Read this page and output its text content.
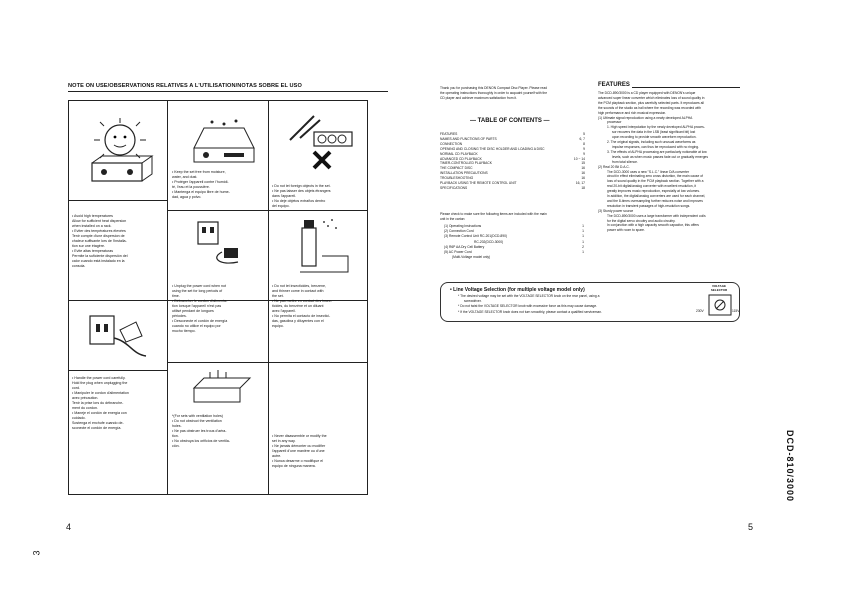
NOTE ON USE/OBSERVATIONS RELATIVES A L'UTILISATION/NOTAS SOBRE EL USO
• Avoid high temperatures
Allow for sufficient heat dispersion
when installed on a rack.
• Eviter des températures élevées
Tenir compte d'une dispersion de
chaleur suffisante lors de l'installa-
tion sur une étagère.
• Evite altas temperaturas
Permite la suficiente dispersión del
calor cuando está instalado en la
consola.
• Keep the set free from moisture,
water, and dust.
• Protéger l'appareil contre l'humidi-
té, l'eau et la poussière.
• Mantenga el equipo libre de hume-
dad, agua y polvo.
• Do not let foreign objects in the set.
• Ne pas laisser des objets étrangers
dans l'appareil.
• No deje objetos extraños dentro
del equipo.
• Unplug the power cord when not
using the set for long periods of
time.
• Débrancher le cordon d'alimenta-
tion lorsque l'appareil n'est pas
utilisé pendant de longues
périodes.
• Desconecte el cordón de energía
cuando no utilice el equipo por
mucho tiempo.
• Do not let insecticides, benzene,
and thinner come in contact with
the set.
• Ne pas mettre en contact des insec-
ticides, du benzène et un diluant
avec l'appareil.
• No permita el contacto de insectici-
das, gasolina y diluyentes con el
equipo.
• Handle the power cord carefully.
Hold the plug when unplugging the
cord.
• Manipuler le cordon d'alimentation
avec précaution.
Tenir la prise lors du débranche-
ment du cordon.
• Maneje el cordón de energía con
cuidado.
Sostenga el enchufe cuando de-
sconecte el cordón de energía.
*(For sets with ventilation holes)
• Do not obstruct the ventilation
holes.
• Ne pas obstruer les trous d'aéra-
tion.
• No obstruya los orificios de ventila-
ción.
• Never disassemble or modify the
set in any way.
• Ne jamais démonter ou modifier
l'appareil d'une manière ou d'une
autre.
• Nunca desarme o modifique el
equipo de ninguna manera.
4
3
Thank you for purchasing this DENON Compact Disc Player. Please read
the operating instructions thoroughly in order to acquaint yourself with the
CD player and achieve maximum satisfaction from it.
— TABLE OF CONTENTS —
FEATURES	5
NAMES AND FUNCTIONS OF PARTS	6, 7
CONNECTION	8
OPENING AND CLOSING THE DISC HOLDER AND LOADING A DISC	9
NORMAL CD PLAYBACK	9
ADVANCED CD PLAYBACK	10 ~ 14
TIMER-CONTROLLED PLAYBACK	15
THE COMPACT DISC	16
INSTALLATION PRECAUTIONS	16
TROUBLESHOOTING	16
PLAYBACK USING THE REMOTE CONTROL UNIT	16, 17
SPECIFICATIONS	18
Please check to make sure the following items are included with the main
unit in the carton:
(1) Operating Instructions	1
(2) Connection Cord	1
(3) Remote Control Unit RC-201(DCD-890)	1
RC-202(DCD-3000)	1
(4) R6P AA Dry Cell Battery	2
(5) AC Power Cord	1
(Multi-Voltage model only)
FEATURES

The DCD-890/3000 is a CD player equipped with DENON's unique

advanced super linear converter which eliminates loss of sound quality in

the PCM playback section, plus carefully selected parts. It reproduces all

the sounds of the studio as hall where the recording was recorded with

high performance and rich musical expression.

(1) Ultimate signal reproduction using a newly developed ALPHA

processor

1. High speed interpolation by the newly developed ALPHA proces-

sor recovers the data in the LSB (least significant bit) lost

upon recording to provide smooth waveform reproduction.

2. The original signals, including such unusual waveforms as

impulse responses, can thus be reproduced with no ringing.

3. The effects of ALPHA processing are particularly noticeable at low

levels, such as when music passes fade out or gradually emerges

from total silence.

(2) Real 20 Bit D.A.C.

The DCD-3000 uses a new "S.L.C." linear D/A converter

circuit in effect eliminating zero cross distortion, the main cause of

loss of sound quality in the PCM playback section. Together with a

real 20-bit digital/analog converter with excellent resolution, it

greatly improves music reproduction, especially at low volumes.

In addition, the digital/analog converters are used for each channel,

and the 8-times oversampling further reduces noise and improves

resolution in transient passages of high-resolution songs.

(3) Sturdy power source

The DCD-890/3000 uses a large transformer with independent coils

for the digital servo circuitry and audio circuitry.

In conjunction with a high capacity smooth capacitor, this offers

power with room to spare.

• Line Voltage Selection (for multiple voltage model only)
* The desired voltage may be set with the VOLTAGE SELECTOR knob on the rear panel, using a
screwdriver.
* Do not twist the VOLTAGE SELECTOR knob with excessive force as this may cause damage.
* If the VOLTAGE SELECTOR knob does not turn smoothly, please contact a qualified serviceman.
VOLTAGE SELECTOR
230V	115V
5
DCD-810/3000
